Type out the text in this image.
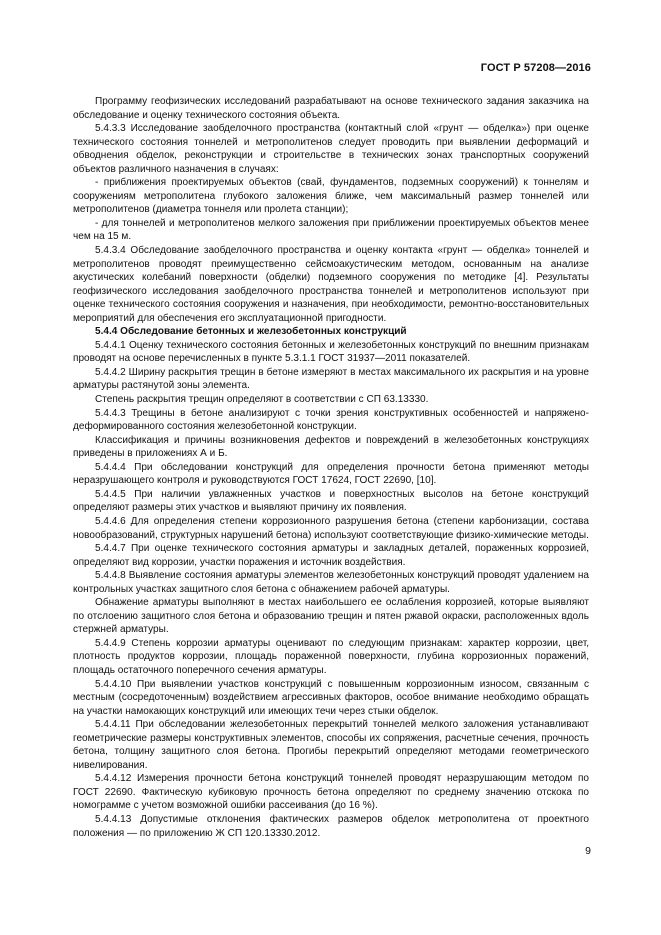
ГОСТ Р 57208—2016

Программу геофизических исследований разрабатывают на основе технического задания заказчика на обследование и оценку технического состояния объекта.

5.4.3.3 Исследование заобделочного пространства (контактный слой «грунт — обделка») при оценке технического состояния тоннелей и метрополитенов следует проводить при выявлении деформаций и обводнения обделок, реконструкции и строительстве в технических зонах транспортных сооружений объектов различного назначения в случаях:

- приближения проектируемых объектов (свай, фундаментов, подземных сооружений) к тоннелям и сооружениям метрополитена глубокого заложения ближе, чем максимальный размер тоннелей или метрополитенов (диаметра тоннеля или пролета станции);

- для тоннелей и метрополитенов мелкого заложения при приближении проектируемых объектов менее чем на 15 м.

5.4.3.4 Обследование заобделочного пространства и оценку контакта «грунт — обделка» тоннелей и метрополитенов проводят преимущественно сейсмоакустическим методом, основанным на анализе акустических колебаний поверхности (обделки) подземного сооружения по методике [4]. Результаты геофизического исследования заобделочного пространства тоннелей и метрополитенов используют при оценке технического состояния сооружения и назначения, при необходимости, ремонтно-восстановительных мероприятий для обеспечения его эксплуатационной пригодности.

5.4.4 Обследование бетонных и железобетонных конструкций

5.4.4.1 Оценку технического состояния бетонных и железобетонных конструкций по внешним признакам проводят на основе перечисленных в пункте 5.3.1.1 ГОСТ 31937—2011 показателей.

5.4.4.2 Ширину раскрытия трещин в бетоне измеряют в местах максимального их раскрытия и на уровне арматуры растянутой зоны элемента.

Степень раскрытия трещин определяют в соответствии с СП 63.13330.

5.4.4.3 Трещины в бетоне анализируют с точки зрения конструктивных особенностей и напряжено-деформированного состояния железобетонной конструкции.

Классификация и причины возникновения дефектов и повреждений в железобетонных конструкциях приведены в приложениях А и Б.

5.4.4.4 При обследовании конструкций для определения прочности бетона применяют методы неразрушающего контроля и руководствуются ГОСТ 17624, ГОСТ 22690, [10].

5.4.4.5 При наличии увлажненных участков и поверхностных высолов на бетоне конструкций определяют размеры этих участков и выявляют причину их появления.

5.4.4.6 Для определения степени коррозионного разрушения бетона (степени карбонизации, состава новообразований, структурных нарушений бетона) используют соответствующие физико-химические методы.

5.4.4.7 При оценке технического состояния арматуры и закладных деталей, пораженных коррозией, определяют вид коррозии, участки поражения и источник воздействия.

5.4.4.8 Выявление состояния арматуры элементов железобетонных конструкций проводят удалением на контрольных участках защитного слоя бетона с обнажением рабочей арматуры.

Обнажение арматуры выполняют в местах наибольшего ее ослабления коррозией, которые выявляют по отслоению защитного слоя бетона и образованию трещин и пятен ржавой окраски, расположенных вдоль стержней арматуры.

5.4.4.9 Степень коррозии арматуры оценивают по следующим признакам: характер коррозии, цвет, плотность продуктов коррозии, площадь пораженной поверхности, глубина коррозионных поражений, площадь остаточного поперечного сечения арматуры.

5.4.4.10 При выявлении участков конструкций с повышенным коррозионным износом, связанным с местным (сосредоточенным) воздействием агрессивных факторов, особое внимание необходимо обращать на участки намокающих конструкций или имеющих течи через стыки обделок.

5.4.4.11 При обследовании железобетонных перекрытий тоннелей мелкого заложения устанавливают геометрические размеры конструктивных элементов, способы их сопряжения, расчетные сечения, прочность бетона, толщину защитного слоя бетона. Прогибы перекрытий определяют методами геометрического нивелирования.

5.4.4.12 Измерения прочности бетона конструкций тоннелей проводят неразрушающим методом по ГОСТ 22690. Фактическую кубиковую прочность бетона определяют по среднему значению отскока по номограмме с учетом возможной ошибки рассеивания (до 16 %).

5.4.4.13 Допустимые отклонения фактических размеров обделок метрополитена от проектного положения — по приложению Ж СП 120.13330.2012.

9
